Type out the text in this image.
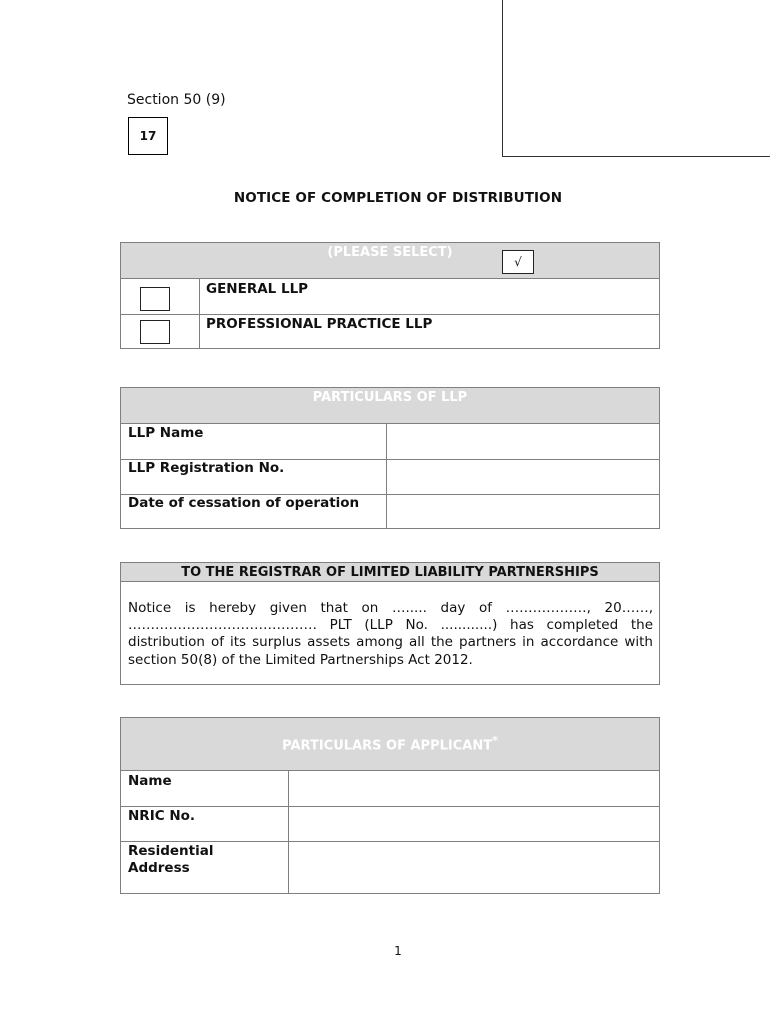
Section 50 (9)
17
NOTICE OF COMPLETION OF DISTRIBUTION
(PLEASE SELECT)
√
GENERAL LLP
PROFESSIONAL PRACTICE LLP
PARTICULARS OF LLP
LLP Name
LLP Registration No.
Date of cessation of operation
TO THE REGISTRAR OF LIMITED LIABILITY PARTNERSHIPS
Notice is hereby given that on …..... day of ………………, 20……,
…………………………………… PLT (LLP No. ............) has completed the
distribution of its surplus assets among all the partners in accordance with
section 50(8) of the Limited Partnerships Act 2012.
PARTICULARS OF APPLICANT*
Name
NRIC No.
Residential
Address
1
